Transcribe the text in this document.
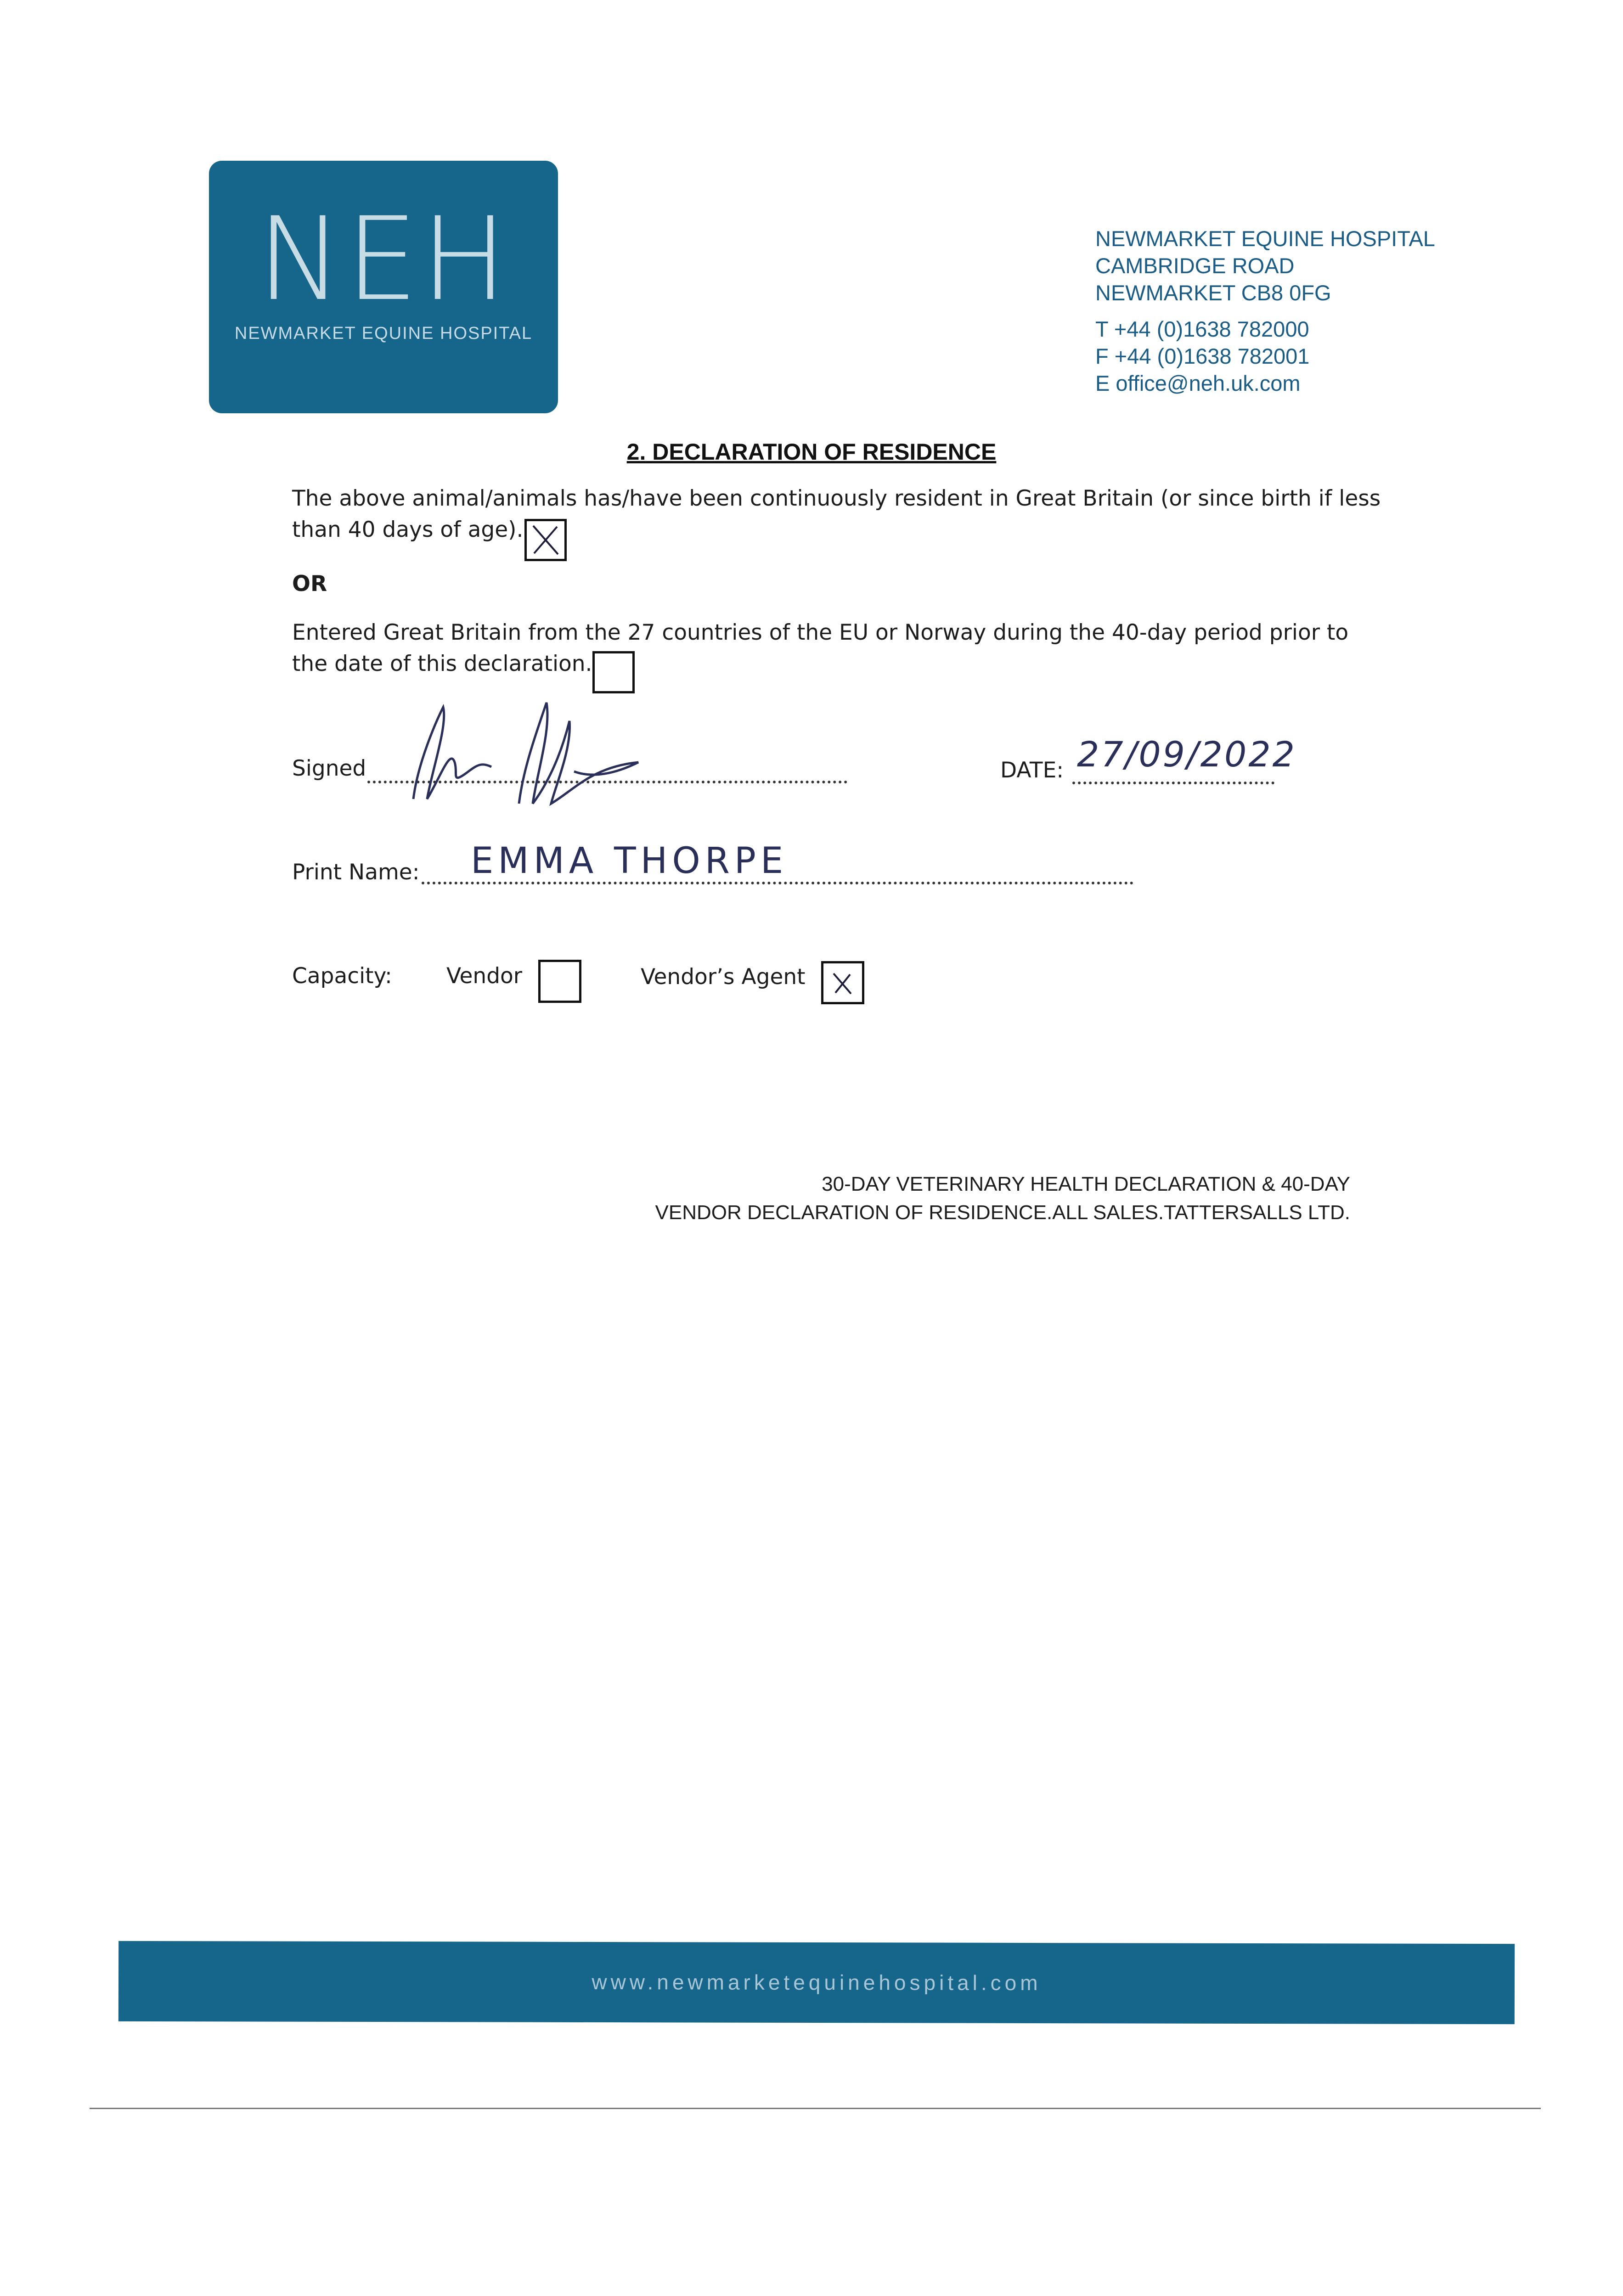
NEH
NEWMARKET EQUINE HOSPITAL
NEWMARKET EQUINE HOSPITAL
CAMBRIDGE ROAD
NEWMARKET CB8 0FG
T +44 (0)1638 782000
F +44 (0)1638 782001
E office@neh.uk.com
2. DECLARATION OF RESIDENCE
The above animal/animals has/have been continuously resident in Great Britain (or since birth if less
than 40 days of age).
OR
Entered Great Britain from the 27 countries of the EU or Norway during the 40-day period prior to
the date of this declaration.
Signed	DATE: 27/09/2022
Print Name: EMMA THORPE
Capacity:	Vendor	Vendor’s Agent
30-DAY VETERINARY HEALTH DECLARATION & 40-DAY
VENDOR DECLARATION OF RESIDENCE.ALL SALES.TATTERSALLS LTD.
www.newmarketequinehospital.com
